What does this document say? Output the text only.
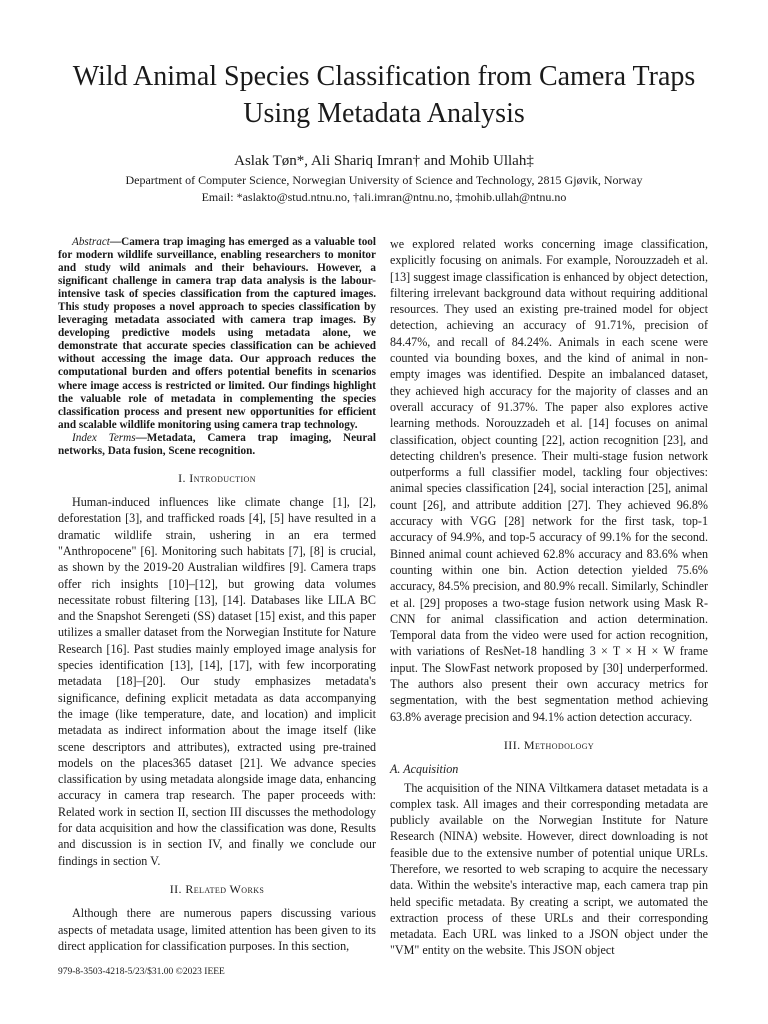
Wild Animal Species Classification from Camera Traps Using Metadata Analysis
Aslak Tøn*, Ali Shariq Imran† and Mohib Ullah‡
Department of Computer Science, Norwegian University of Science and Technology, 2815 Gjøvik, Norway
Email: *aslakto@stud.ntnu.no, †ali.imran@ntnu.no, ‡mohib.ullah@ntnu.no

Abstract—Camera trap imaging has emerged as a valuable tool for modern wildlife surveillance, enabling researchers to monitor and study wild animals and their behaviours. However, a significant challenge in camera trap data analysis is the labour-intensive task of species classification from the captured images. This study proposes a novel approach to species classification by leveraging metadata associated with camera trap images. By developing predictive models using metadata alone, we demonstrate that accurate species classification can be achieved without accessing the image data. Our approach reduces the computational burden and offers potential benefits in scenarios where image access is restricted or limited. Our findings highlight the valuable role of metadata in complementing the species classification process and present new opportunities for efficient and scalable wildlife monitoring using camera trap technology.

Index Terms—Metadata, Camera trap imaging, Neural networks, Data fusion, Scene recognition.

I. Introduction

Human-induced influences like climate change [1], [2], deforestation [3], and trafficked roads [4], [5] have resulted in a dramatic wildlife strain, ushering in an era termed "Anthropocene" [6]. Monitoring such habitats [7], [8] is crucial, as shown by the 2019-20 Australian wildfires [9]. Camera traps offer rich insights [10]–[12], but growing data volumes necessitate robust filtering [13], [14]. Databases like LILA BC and the Snapshot Serengeti (SS) dataset [15] exist, and this paper utilizes a smaller dataset from the Norwegian Institute for Nature Research [16]. Past studies mainly employed image analysis for species identification [13], [14], [17], with few incorporating metadata [18]–[20]. Our study emphasizes metadata's significance, defining explicit metadata as data accompanying the image (like temperature, date, and location) and implicit metadata as indirect information about the image itself (like scene descriptors and attributes), extracted using pre-trained models on the places365 dataset [21]. We advance species classification by using metadata alongside image data, enhancing accuracy in camera trap research. The paper proceeds with: Related work in section II, section III discusses the methodology for data acquisition and how the classification was done, Results and discussion is in section IV, and finally we conclude our findings in section V.

II. Related Works

Although there are numerous papers discussing various aspects of metadata usage, limited attention has been given to its direct application for classification purposes. In this section,

we explored related works concerning image classification, explicitly focusing on animals. For example, Norouzzadeh et al. [13] suggest image classification is enhanced by object detection, filtering irrelevant background data without requiring additional resources. They used an existing pre-trained model for object detection, achieving an accuracy of 91.71%, precision of 84.47%, and recall of 84.24%. Animals in each scene were counted via bounding boxes, and the kind of animal in non-empty images was identified. Despite an imbalanced dataset, they achieved high accuracy for the majority of classes and an overall accuracy of 91.37%. The paper also explores active learning methods. Norouzzadeh et al. [14] focuses on animal classification, object counting [22], action recognition [23], and detecting children's presence. Their multi-stage fusion network outperforms a full classifier model, tackling four objectives: animal species classification [24], social interaction [25], animal count [26], and attribute addition [27]. They achieved 96.8% accuracy with VGG [28] network for the first task, top-1 accuracy of 94.9%, and top-5 accuracy of 99.1% for the second. Binned animal count achieved 62.8% accuracy and 83.6% when counting within one bin. Action detection yielded 75.6% accuracy, 84.5% precision, and 80.9% recall. Similarly, Schindler et al. [29] proposes a two-stage fusion network using Mask R-CNN for animal classification and action determination. Temporal data from the video were used for action recognition, with variations of ResNet-18 handling 3 × T × H × W frame input. The SlowFast network proposed by [30] underperformed. The authors also present their own accuracy metrics for segmentation, with the best segmentation method achieving 63.8% average precision and 94.1% action detection accuracy.

III. Methodology
A. Acquisition

The acquisition of the NINA Viltkamera dataset metadata is a complex task. All images and their corresponding metadata are publicly available on the Norwegian Institute for Nature Research (NINA) website. However, direct downloading is not feasible due to the extensive number of potential unique URLs. Therefore, we resorted to web scraping to acquire the necessary data. Within the website's interactive map, each camera trap pin held specific metadata. By creating a script, we automated the extraction process of these URLs and their corresponding metadata. Each URL was linked to a JSON object under the "VM" entity on the website. This JSON object

979-8-3503-4218-5/23/$31.00 ©2023 IEEE
